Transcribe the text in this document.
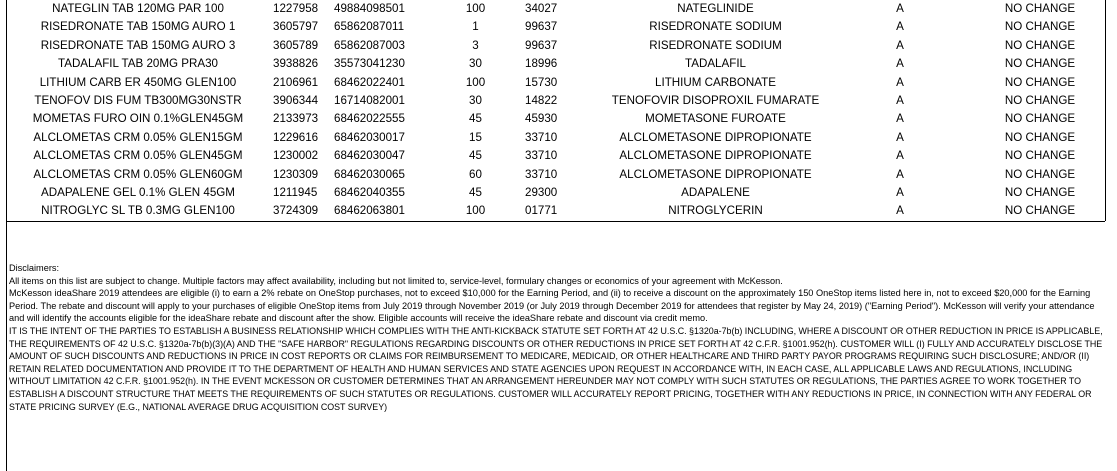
NATEGLIN TAB 120MG PAR 100	1227958	49884098501	100	34027	NATEGLINIDE	A	NO CHANGE
RISEDRONATE TAB 150MG AURO 1	3605797	65862087011	1	99637	RISEDRONATE SODIUM	A	NO CHANGE
RISEDRONATE TAB 150MG AURO 3	3605789	65862087003	3	99637	RISEDRONATE SODIUM	A	NO CHANGE
TADALAFIL TAB 20MG PRA30	3938826	35573041230	30	18996	TADALAFIL	A	NO CHANGE
LITHIUM CARB ER 450MG GLEN100	2106961	68462022401	100	15730	LITHIUM CARBONATE	A	NO CHANGE
TENOFOV DIS FUM TB300MG30NSTR	3906344	16714082001	30	14822	TENOFOVIR DISOPROXIL FUMARATE	A	NO CHANGE
MOMETAS FURO OIN 0.1%GLEN45GM	2133973	68462022555	45	45930	MOMETASONE FUROATE	A	NO CHANGE
ALCLOMETAS CRM 0.05% GLEN15GM	1229616	68462030017	15	33710	ALCLOMETASONE DIPROPIONATE	A	NO CHANGE
ALCLOMETAS CRM 0.05% GLEN45GM	1230002	68462030047	45	33710	ALCLOMETASONE DIPROPIONATE	A	NO CHANGE
ALCLOMETAS CRM 0.05% GLEN60GM	1230309	68462030065	60	33710	ALCLOMETASONE DIPROPIONATE	A	NO CHANGE
ADAPALENE GEL 0.1% GLEN 45GM	1211945	68462040355	45	29300	ADAPALENE	A	NO CHANGE
NITROGLYC SL TB 0.3MG GLEN100	3724309	68462063801	100	01771	NITROGLYCERIN	A	NO CHANGE

Disclaimers:

All items on this list are subject to change. Multiple factors may affect availability, including but not limited to, service-level, formulary changes or economics of your agreement with McKesson.

McKesson ideaShare 2019 attendees are eligible (i) to earn a 2% rebate on OneStop purchases, not to exceed $10,000 for the Earning Period, and (ii) to receive a discount on the approximately 150 OneStop items listed here in, not to exceed $20,000 for the Earning Period. The rebate and discount will apply to your purchases of eligible OneStop items from July 2019 through November 2019 (or July 2019 through December 2019 for attendees that register by May 24, 2019) ("Earning Period"). McKesson will verify your attendance and will identify the accounts eligible for the ideaShare rebate and discount after the show. Eligible accounts will receive the ideaShare rebate and discount via credit memo.

IT IS THE INTENT OF THE PARTIES TO ESTABLISH A BUSINESS RELATIONSHIP WHICH COMPLIES WITH THE ANTI-KICKBACK STATUTE SET FORTH AT 42 U.S.C. §1320a-7b(b) INCLUDING, WHERE A DISCOUNT OR OTHER REDUCTION IN PRICE IS APPLICABLE, THE REQUIREMENTS OF 42 U.S.C. §1320a-7b(b)(3)(A) AND THE "SAFE HARBOR" REGULATIONS REGARDING DISCOUNTS OR OTHER REDUCTIONS IN PRICE SET FORTH AT 42 C.F.R. §1001.952(h). CUSTOMER WILL (I) FULLY AND ACCURATELY DISCLOSE THE AMOUNT OF SUCH DISCOUNTS AND REDUCTIONS IN PRICE IN COST REPORTS OR CLAIMS FOR REIMBURSEMENT TO MEDICARE, MEDICAID, OR OTHER HEALTHCARE AND THIRD PARTY PAYOR PROGRAMS REQUIRING SUCH DISCLOSURE; AND/OR (II) RETAIN RELATED DOCUMENTATION AND PROVIDE IT TO THE DEPARTMENT OF HEALTH AND HUMAN SERVICES AND STATE AGENCIES UPON REQUEST IN ACCORDANCE WITH, IN EACH CASE, ALL APPLICABLE LAWS AND REGULATIONS, INCLUDING WITHOUT LIMITATION 42 C.F.R. §1001.952(h). IN THE EVENT MCKESSON OR CUSTOMER DETERMINES THAT AN ARRANGEMENT HEREUNDER MAY NOT COMPLY WITH SUCH STATUTES OR REGULATIONS, THE PARTIES AGREE TO WORK TOGETHER TO ESTABLISH A DISCOUNT STRUCTURE THAT MEETS THE REQUIREMENTS OF SUCH STATUTES OR REGULATIONS. CUSTOMER WILL ACCURATELY REPORT PRICING, TOGETHER WITH ANY REDUCTIONS IN PRICE, IN CONNECTION WITH ANY FEDERAL OR STATE PRICING SURVEY (E.G., NATIONAL AVERAGE DRUG ACQUISITION COST SURVEY)
